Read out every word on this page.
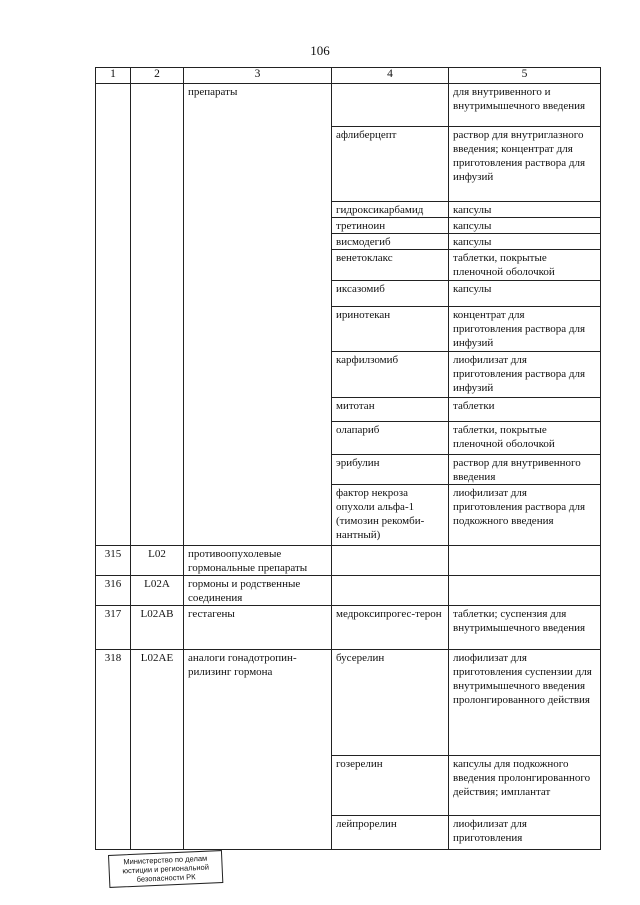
106
1	2	3	4	5
		препараты		для внутривенного и внутримышечного введения
			афлиберцепт	раствор для внутриглазного введения; концентрат для приготовления раствора для инфузий
			гидроксикарбамид	капсулы
			третиноин	капсулы
			висмодегиб	капсулы
			венетоклакс	таблетки, покрытые пленочной оболочкой
			иксазомиб	капсулы
			иринотекан	концентрат для приготовления раствора для инфузий
			карфилзомиб	лиофилизат для приготовления раствора для инфузий
			митотан	таблетки
			олапариб	таблетки, покрытые пленочной оболочкой
			эрибулин	раствор для внутривенного введения
			фактор некроза опухоли альфа-1 (тимозин рекомби-нантный)	лиофилизат для приготовления раствора для подкожного введения
315	L02	противоопухолевые гормональные препараты		
316	L02A	гормоны и родственные соединения		
317	L02AB	гестагены	медроксипрогес-терон	таблетки; суспензия для внутримышечного введения
318	L02AE	аналоги гонадотропин-рилизинг гормона	бусерелин	лиофилизат для приготовления суспензии для внутримышечного введения пролонгированного действия
			гозерелин	капсулы для подкожного введения пролонгированного действия; имплантат
			лейпрорелин	лиофилизат для приготовления
Министерство по делам
юстиции и региональной
безопасности РК
